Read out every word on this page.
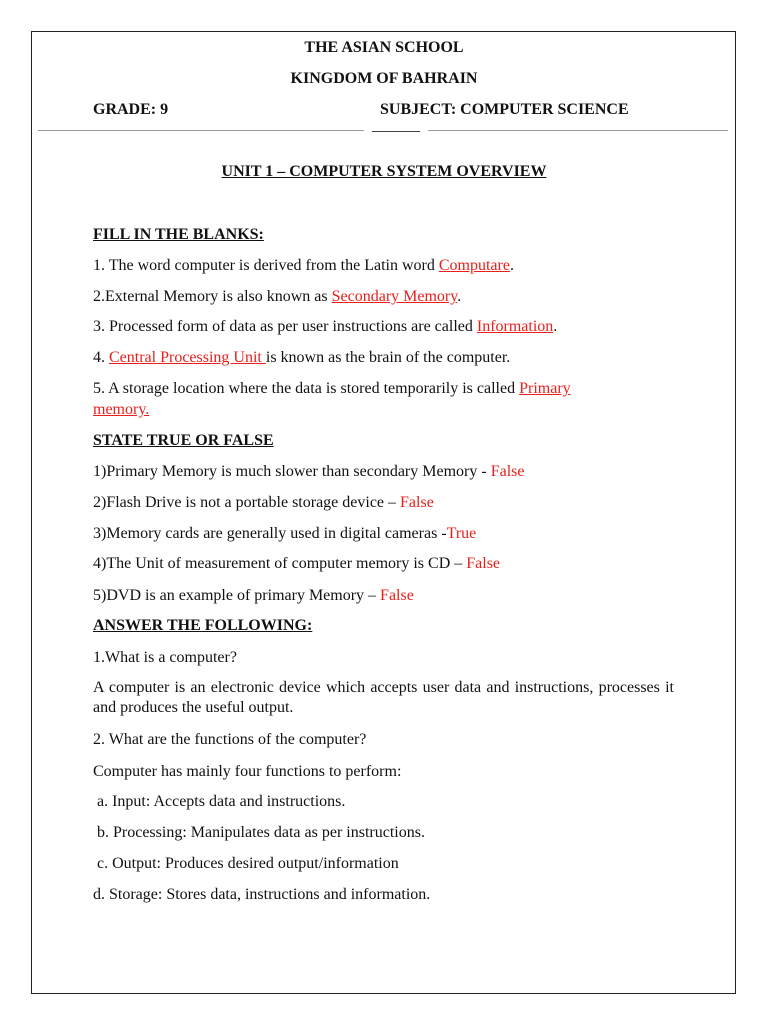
THE ASIAN SCHOOL
KINGDOM OF BAHRAIN
GRADE: 9	SUBJECT: COMPUTER SCIENCE
UNIT 1 – COMPUTER SYSTEM OVERVIEW
FILL IN THE BLANKS:
1. The word computer is derived from the Latin word Computare.
2.External Memory is also known as Secondary Memory.
3. Processed form of data as per user instructions are called Information.
4. Central Processing Unit is known as the brain of the computer.
5. A storage location where the data is stored temporarily is called Primary
memory.
STATE TRUE OR FALSE
1)Primary Memory is much slower than secondary Memory - False
2)Flash Drive is not a portable storage device – False
3)Memory cards are generally used in digital cameras -True
4)The Unit of measurement of computer memory is CD – False
5)DVD is an example of primary Memory – False
ANSWER THE FOLLOWING:
1.What is a computer?
A computer is an electronic device which accepts user data and instructions, processes it and produces the useful output.
2. What are the functions of the computer?
Computer has mainly four functions to perform:
a. Input: Accepts data and instructions.
b. Processing: Manipulates data as per instructions.
c. Output: Produces desired output/information
d. Storage: Stores data, instructions and information.
